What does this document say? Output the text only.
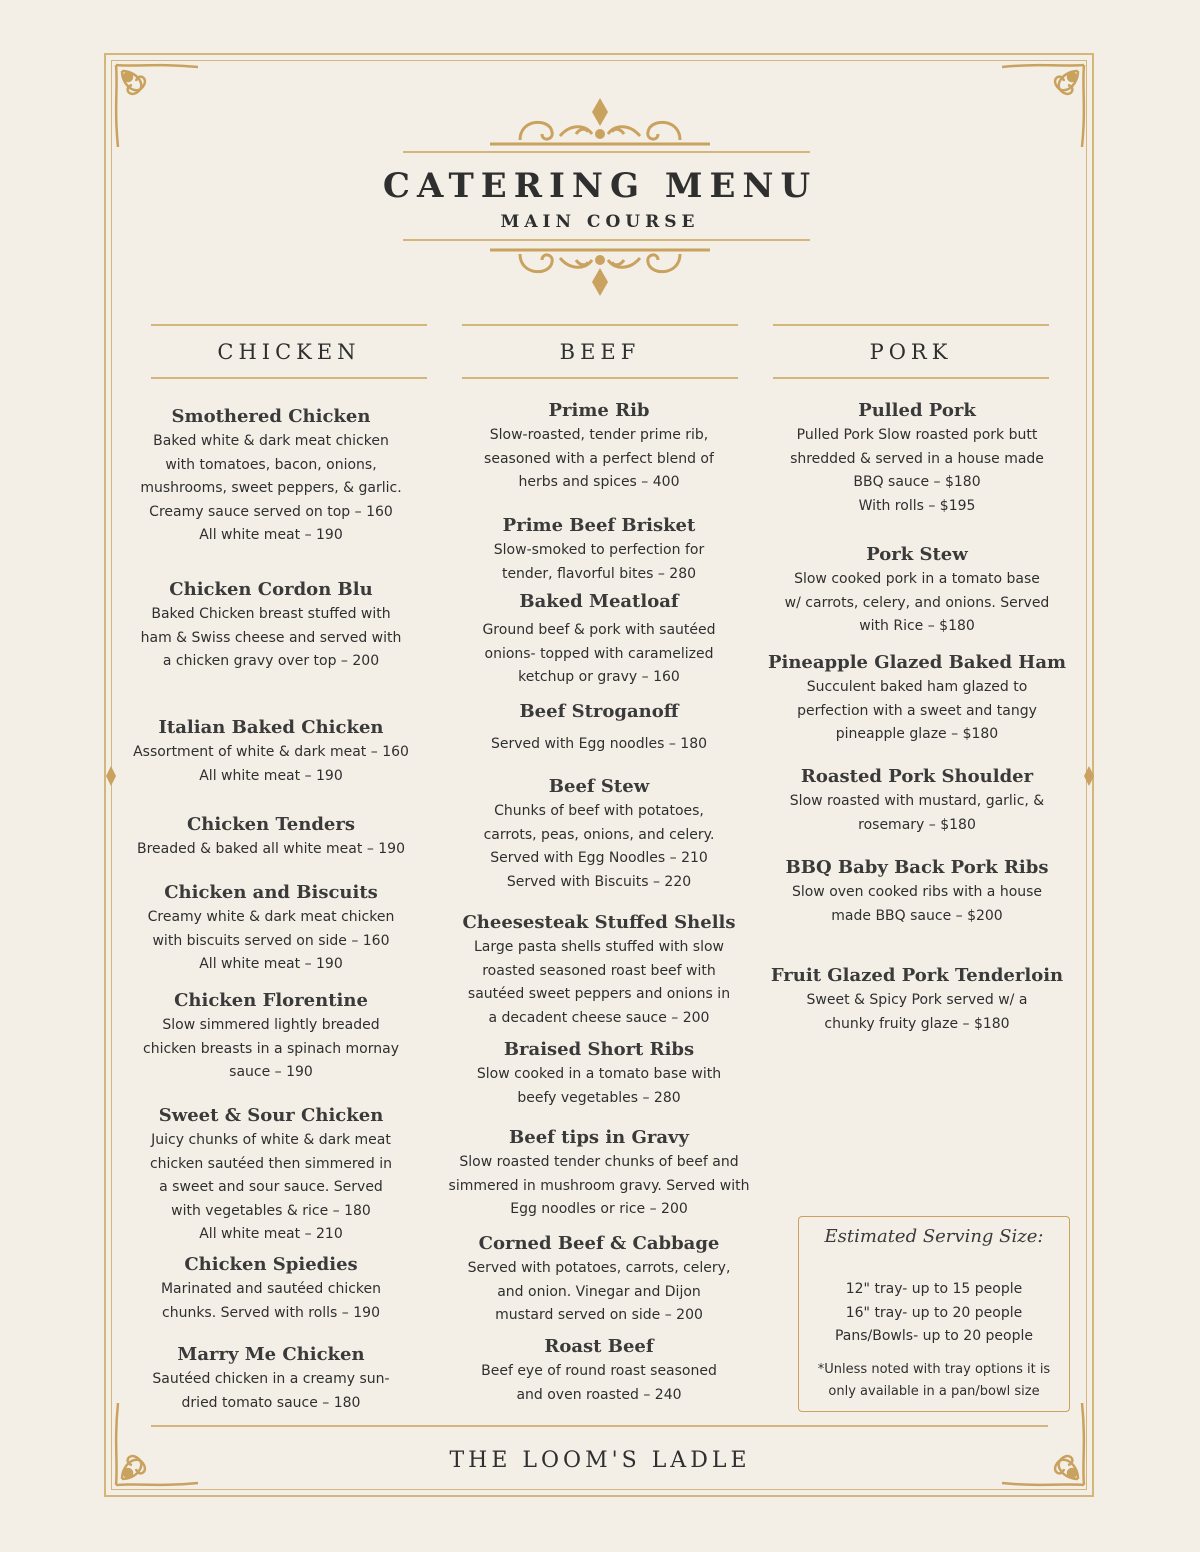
CATERING MENU
MAIN COURSE
CHICKEN	BEEF	PORK
Smothered Chicken
Baked white & dark meat chicken
with tomatoes, bacon, onions,
mushrooms, sweet peppers, & garlic.
Creamy sauce served on top – 160
All white meat – 190
Chicken Cordon Blu
Baked Chicken breast stuffed with
ham & Swiss cheese and served with
a chicken gravy over top – 200
Italian Baked Chicken
Assortment of white & dark meat – 160
All white meat – 190
Chicken Tenders
Breaded & baked all white meat – 190
Chicken and Biscuits
Creamy white & dark meat chicken
with biscuits served on side – 160
All white meat – 190
Chicken Florentine
Slow simmered lightly breaded
chicken breasts in a spinach mornay
sauce – 190
Sweet & Sour Chicken
Juicy chunks of white & dark meat
chicken sautéed then simmered in
a sweet and sour sauce. Served
with vegetables & rice – 180
All white meat – 210
Chicken Spiedies
Marinated and sautéed chicken
chunks. Served with rolls – 190
Marry Me Chicken
Sautéed chicken in a creamy sun-
dried tomato sauce – 180
Prime Rib
Slow-roasted, tender prime rib,
seasoned with a perfect blend of
herbs and spices – 400
Prime Beef Brisket
Slow-smoked to perfection for
tender, flavorful bites – 280
Baked Meatloaf
Ground beef & pork with sautéed
onions- topped with caramelized
ketchup or gravy – 160
Beef Stroganoff
Served with Egg noodles – 180
Beef Stew
Chunks of beef with potatoes,
carrots, peas, onions, and celery.
Served with Egg Noodles – 210
Served with Biscuits – 220
Cheesesteak Stuffed Shells
Large pasta shells stuffed with slow
roasted seasoned roast beef with
sautéed sweet peppers and onions in
a decadent cheese sauce – 200
Braised Short Ribs
Slow cooked in a tomato base with
beefy vegetables – 280
Beef tips in Gravy
Slow roasted tender chunks of beef and
simmered in mushroom gravy. Served with
Egg noodles or rice – 200
Corned Beef & Cabbage
Served with potatoes, carrots, celery,
and onion. Vinegar and Dijon
mustard served on side – 200
Roast Beef
Beef eye of round roast seasoned
and oven roasted – 240
Pulled Pork
Pulled Pork Slow roasted pork butt
shredded & served in a house made
BBQ sauce – $180
With rolls – $195
Pork Stew
Slow cooked pork in a tomato base
w/ carrots, celery, and onions. Served
with Rice – $180
Pineapple Glazed Baked Ham
Succulent baked ham glazed to
perfection with a sweet and tangy
pineapple glaze – $180
Roasted Pork Shoulder
Slow roasted with mustard, garlic, &
rosemary – $180
BBQ Baby Back Pork Ribs
Slow oven cooked ribs with a house
made BBQ sauce – $200
Fruit Glazed Pork Tenderloin
Sweet & Spicy Pork served w/ a
chunky fruity glaze – $180
Estimated Serving Size:
12" tray- up to 15 people
16" tray- up to 20 people
Pans/Bowls- up to 20 people
*Unless noted with tray options it is
only available in a pan/bowl size
THE LOOM'S LADLE
